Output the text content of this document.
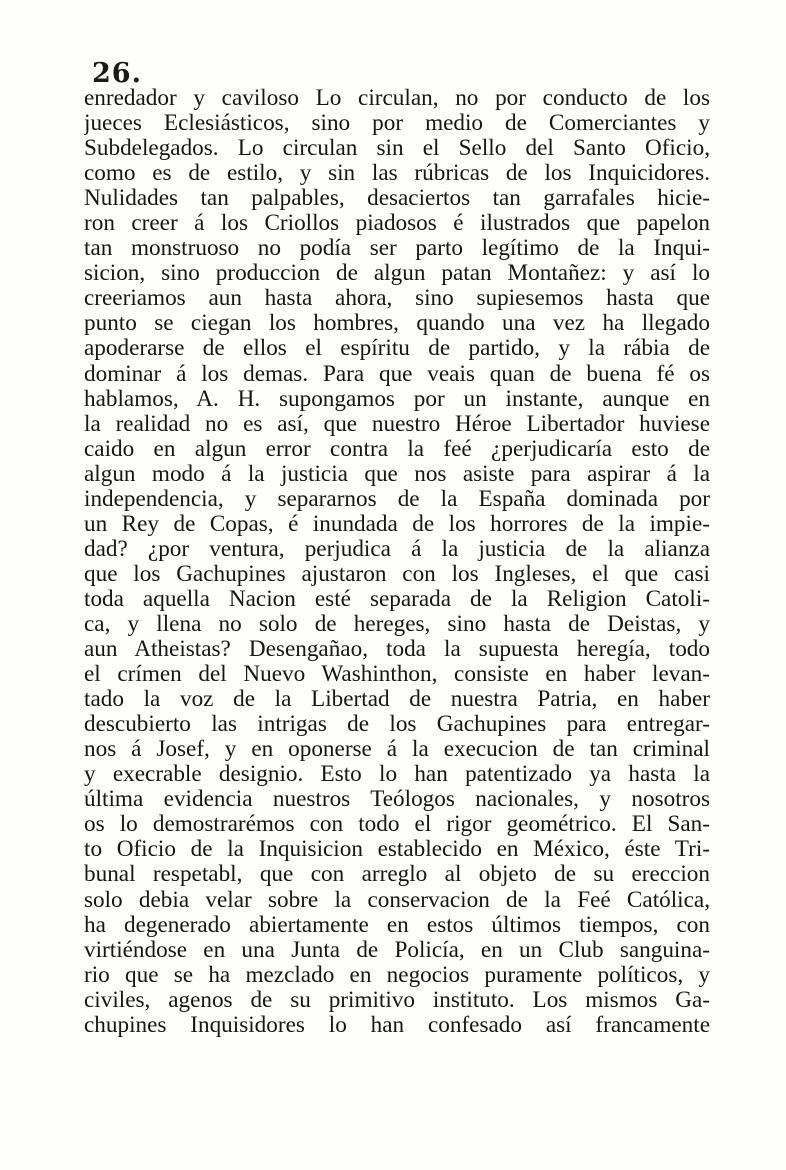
26.
enredador y caviloso Lo circulan, no por conducto de los
jueces Eclesiásticos, sino por medio de Comerciantes y
Subdelegados. Lo circulan sin el Sello del Santo Oficio,
como es de estilo, y sin las rúbricas de los Inquicidores.
Nulidades tan palpables, desaciertos tan garrafales hicie-
ron creer á los Criollos piadosos é ilustrados que papelon
tan monstruoso no podía ser parto legítimo de la Inqui-
sicion, sino produccion de algun patan Montañez: y así lo
creeriamos aun hasta ahora, sino supiesemos hasta que
punto se ciegan los hombres, quando una vez ha llegado
apoderarse de ellos el espíritu de partido, y la rábia de
dominar á los demas. Para que veais quan de buena fé os
hablamos, A. H. supongamos por un instante, aunque en
la realidad no es así, que nuestro Héroe Libertador huviese
caido en algun error contra la feé ¿perjudicaría esto de
algun modo á la justicia que nos asiste para aspirar á la
independencia, y separarnos de la España dominada por
un Rey de Copas, é inundada de los horrores de la impie-
dad? ¿por ventura, perjudica á la justicia de la alianza
que los Gachupines ajustaron con los Ingleses, el que casi
toda aquella Nacion esté separada de la Religion Catoli-
ca, y llena no solo de hereges, sino hasta de Deistas, y
aun Atheistas? Desengañao, toda la supuesta heregía, todo
el crímen del Nuevo Washinthon, consiste en haber levan-
tado la voz de la Libertad de nuestra Patria, en haber
descubierto las intrigas de los Gachupines para entregar-
nos á Josef, y en oponerse á la execucion de tan criminal
y execrable designio. Esto lo han patentizado ya hasta la
última evidencia nuestros Teólogos nacionales, y nosotros
os lo demostrarémos con todo el rigor geométrico. El San-
to Oficio de la Inquisicion establecido en México, éste Tri-
bunal respetabl, que con arreglo al objeto de su ereccion
solo debia velar sobre la conservacion de la Feé Católica,
ha degenerado abiertamente en estos últimos tiempos, con
virtiéndose en una Junta de Policía, en un Club sanguina-
rio que se ha mezclado en negocios puramente políticos, y
civiles, agenos de su primitivo instituto. Los mismos Ga-
chupines Inquisidores lo han confesado así francamente
